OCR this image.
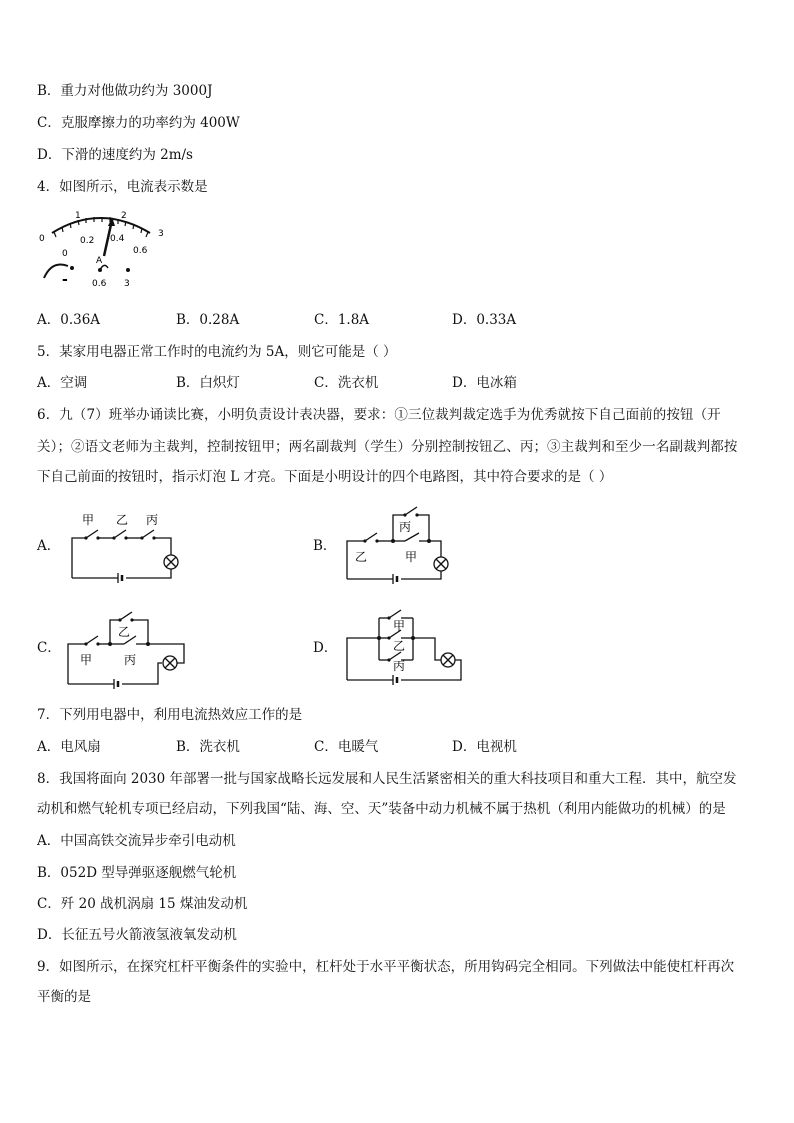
B．重力对他做功约为 3000J
C．克服摩擦力的功率约为 400W
D．下滑的速度约为 2m/s
4．如图所示，电流表示数是
0
1	2
3
0
0.2 0.4
0.6
A
-	0.6 3
A．0.36A	B．0.28A	C．1.8A	D．0.33A
5．某家用电器正常工作时的电流约为 5A，则它可能是（ ）
A．空调	B．白炽灯	C．洗衣机	D．电冰箱
6．九（7）班举办诵读比赛，小明负责设计表决器，要求：①三位裁判裁定选手为优秀就按下自己面前的按钮（开
关）；②语文老师为主裁判，控制按钮甲；两名副裁判（学生）分别控制按钮乙、丙；③主裁判和至少一名副裁判都按
下自己前面的按钮时，指示灯泡 L 才亮。下面是小明设计的四个电路图，其中符合要求的是（ ）
A．
甲 乙 丙
B．
丙
乙	甲
C．
乙
甲	丙
D．
甲
乙
丙
7．下列用电器中，利用电流热效应工作的是
A．电风扇	B．洗衣机	C．电暖气	D．电视机
8．我国将面向 2030 年部署一批与国家战略长远发展和人民生活紧密相关的重大科技项目和重大工程．其中，航空发
动机和燃气轮机专项已经启动，下列我国“陆、海、空、天”装备中动力机械不属于热机（利用内能做功的机械）的是
A．中国高铁交流异步牵引电动机
B．052D 型导弹驱逐舰燃气轮机
C．歼 20 战机涡扇 15 煤油发动机
D．长征五号火箭液氢液氧发动机
9．如图所示，在探究杠杆平衡条件的实验中，杠杆处于水平平衡状态，所用钩码完全相同。下列做法中能使杠杆再次
平衡的是
